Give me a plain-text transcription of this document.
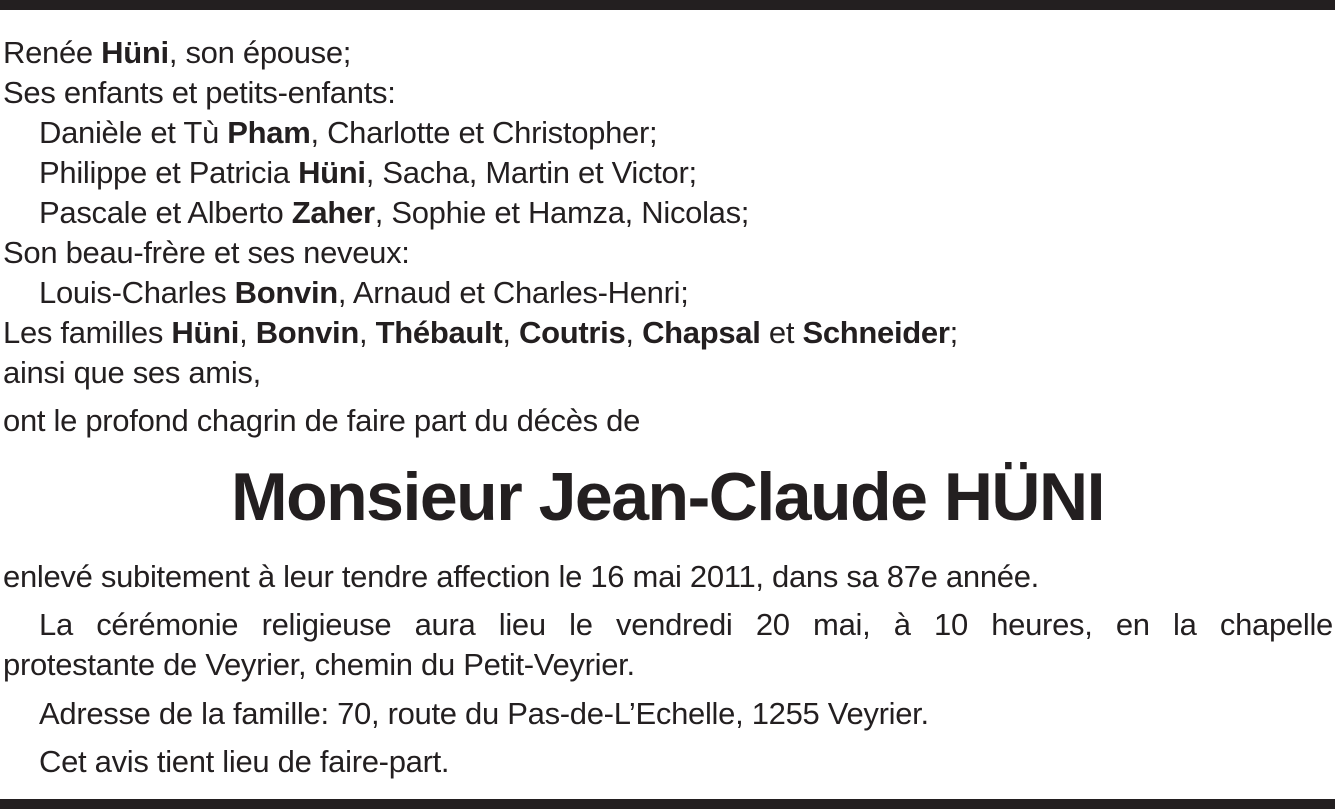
Renée Hüni, son épouse;
Ses enfants et petits-enfants:
Danièle et Tù Pham, Charlotte et Christopher;
Philippe et Patricia Hüni, Sacha, Martin et Victor;
Pascale et Alberto Zaher, Sophie et Hamza, Nicolas;
Son beau-frère et ses neveux:
Louis-Charles Bonvin, Arnaud et Charles-Henri;
Les familles Hüni, Bonvin, Thébault, Coutris, Chapsal et Schneider;
ainsi que ses amis,
ont le profond chagrin de faire part du décès de
Monsieur Jean-Claude HÜNI
enlevé subitement à leur tendre affection le 16 mai 2011, dans sa 87e année.
La cérémonie religieuse aura lieu le vendredi 20 mai, à 10 heures, en la chapelle
protestante de Veyrier, chemin du Petit-Veyrier.
Adresse de la famille: 70, route du Pas-de-L’Echelle, 1255 Veyrier.
Cet avis tient lieu de faire-part.
